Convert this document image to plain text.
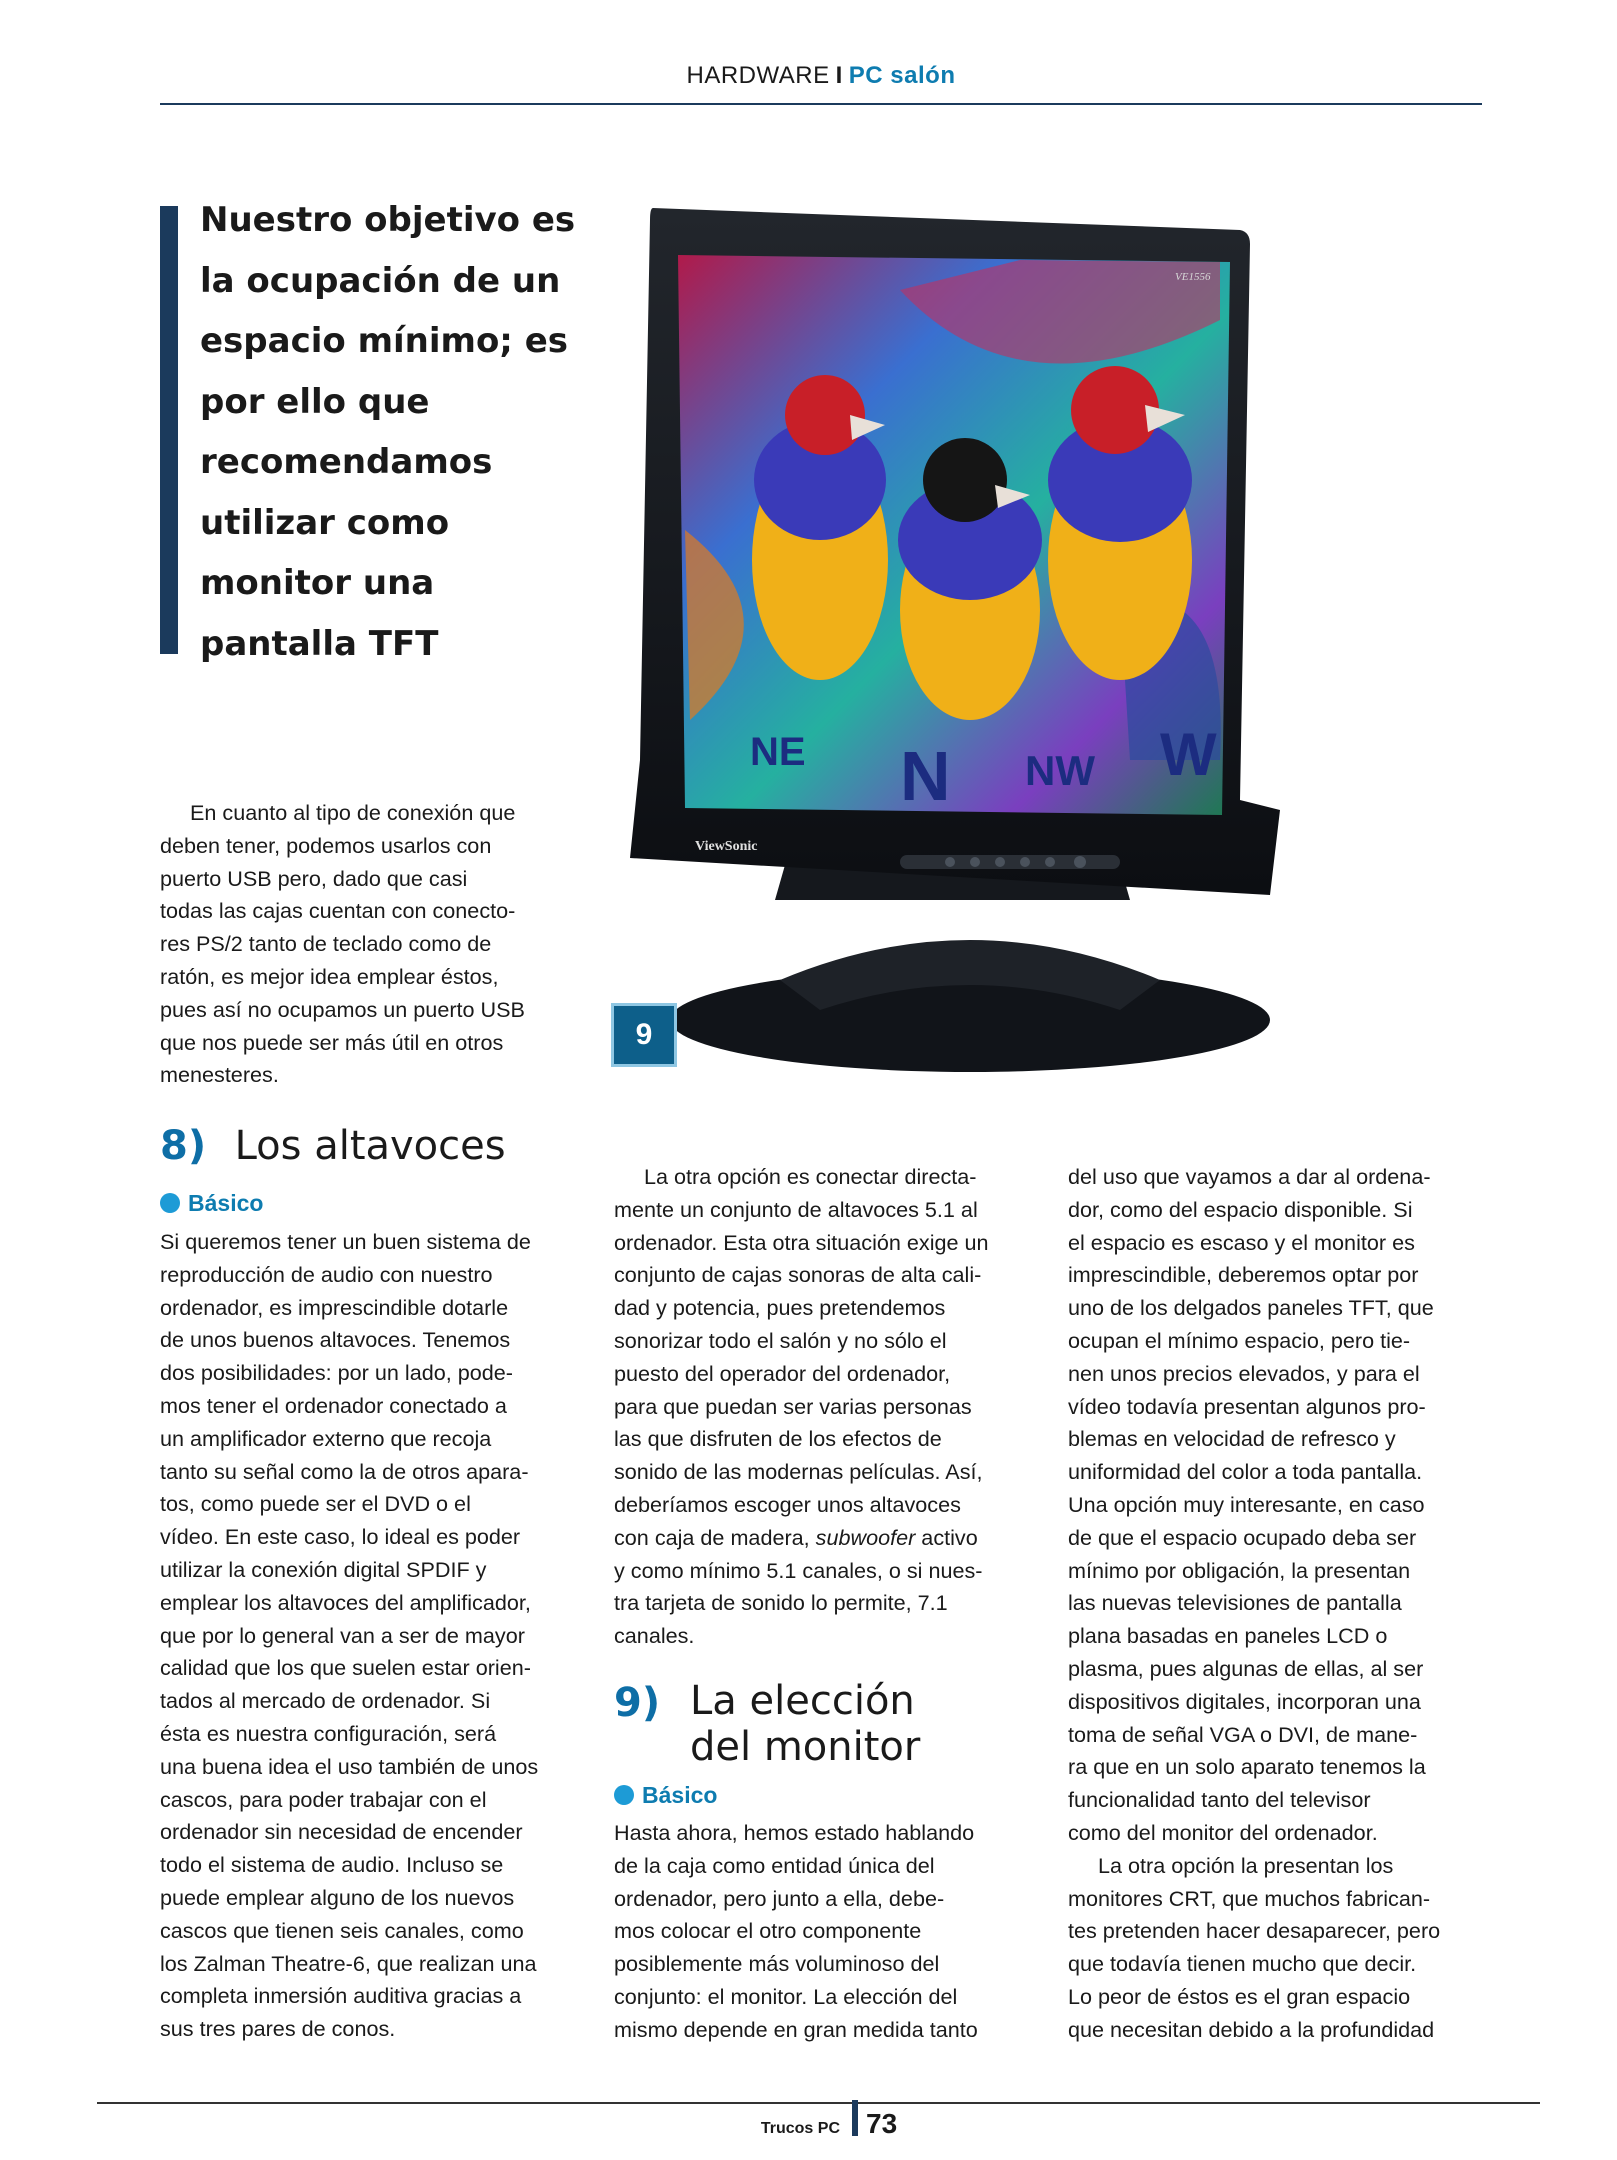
HARDWARE I PC salón
Nuestro objetivo es
la ocupación de un
espacio mínimo; es
por ello que
recomendamos
utilizar como
monitor una
pantalla TFT
NE N NW W
VE1556
ViewSonic
9

En cuanto al tipo de conexión que

deben tener, podemos usarlos con

puerto USB pero, dado que casi

todas las cajas cuentan con conecto-

res PS/2 tanto de teclado como de

ratón, es mejor idea emplear éstos,

pues así no ocupamos un puerto USB

que nos puede ser más útil en otros

menesteres.

8) Los altavoces
Básico

Si queremos tener un buen sistema de

reproducción de audio con nuestro

ordenador, es imprescindible dotarle

de unos buenos altavoces. Tenemos

dos posibilidades: por un lado, pode-

mos tener el ordenador conectado a

un amplificador externo que recoja

tanto su señal como la de otros apara-

tos, como puede ser el DVD o el

vídeo. En este caso, lo ideal es poder

utilizar la conexión digital SPDIF y

emplear los altavoces del amplificador,

que por lo general van a ser de mayor

calidad que los que suelen estar orien-

tados al mercado de ordenador. Si

ésta es nuestra configuración, será

una buena idea el uso también de unos

cascos, para poder trabajar con el

ordenador sin necesidad de encender

todo el sistema de audio. Incluso se

puede emplear alguno de los nuevos

cascos que tienen seis canales, como

los Zalman Theatre-6, que realizan una

completa inmersión auditiva gracias a

sus tres pares de conos.

La otra opción es conectar directa-

mente un conjunto de altavoces 5.1 al

ordenador. Esta otra situación exige un

conjunto de cajas sonoras de alta cali-

dad y potencia, pues pretendemos

sonorizar todo el salón y no sólo el

puesto del operador del ordenador,

para que puedan ser varias personas

las que disfruten de los efectos de

sonido de las modernas películas. Así,

deberíamos escoger unos altavoces

con caja de madera, subwoofer activo

y como mínimo 5.1 canales, o si nues-

tra tarjeta de sonido lo permite, 7.1

canales.

9) La elección
del monitor
Básico

Hasta ahora, hemos estado hablando

de la caja como entidad única del

ordenador, pero junto a ella, debe-

mos colocar el otro componente

posiblemente más voluminoso del

conjunto: el monitor. La elección del

mismo depende en gran medida tanto

del uso que vayamos a dar al ordena-

dor, como del espacio disponible. Si

el espacio es escaso y el monitor es

imprescindible, deberemos optar por

uno de los delgados paneles TFT, que

ocupan el mínimo espacio, pero tie-

nen unos precios elevados, y para el

vídeo todavía presentan algunos pro-

blemas en velocidad de refresco y

uniformidad del color a toda pantalla.

Una opción muy interesante, en caso

de que el espacio ocupado deba ser

mínimo por obligación, la presentan

las nuevas televisiones de pantalla

plana basadas en paneles LCD o

plasma, pues algunas de ellas, al ser

dispositivos digitales, incorporan una

toma de señal VGA o DVI, de mane-

ra que en un solo aparato tenemos la

funcionalidad tanto del televisor

como del monitor del ordenador.

La otra opción la presentan los

monitores CRT, que muchos fabrican-

tes pretenden hacer desaparecer, pero

que todavía tienen mucho que decir.

Lo peor de éstos es el gran espacio

que necesitan debido a la profundidad

Trucos PC 73
